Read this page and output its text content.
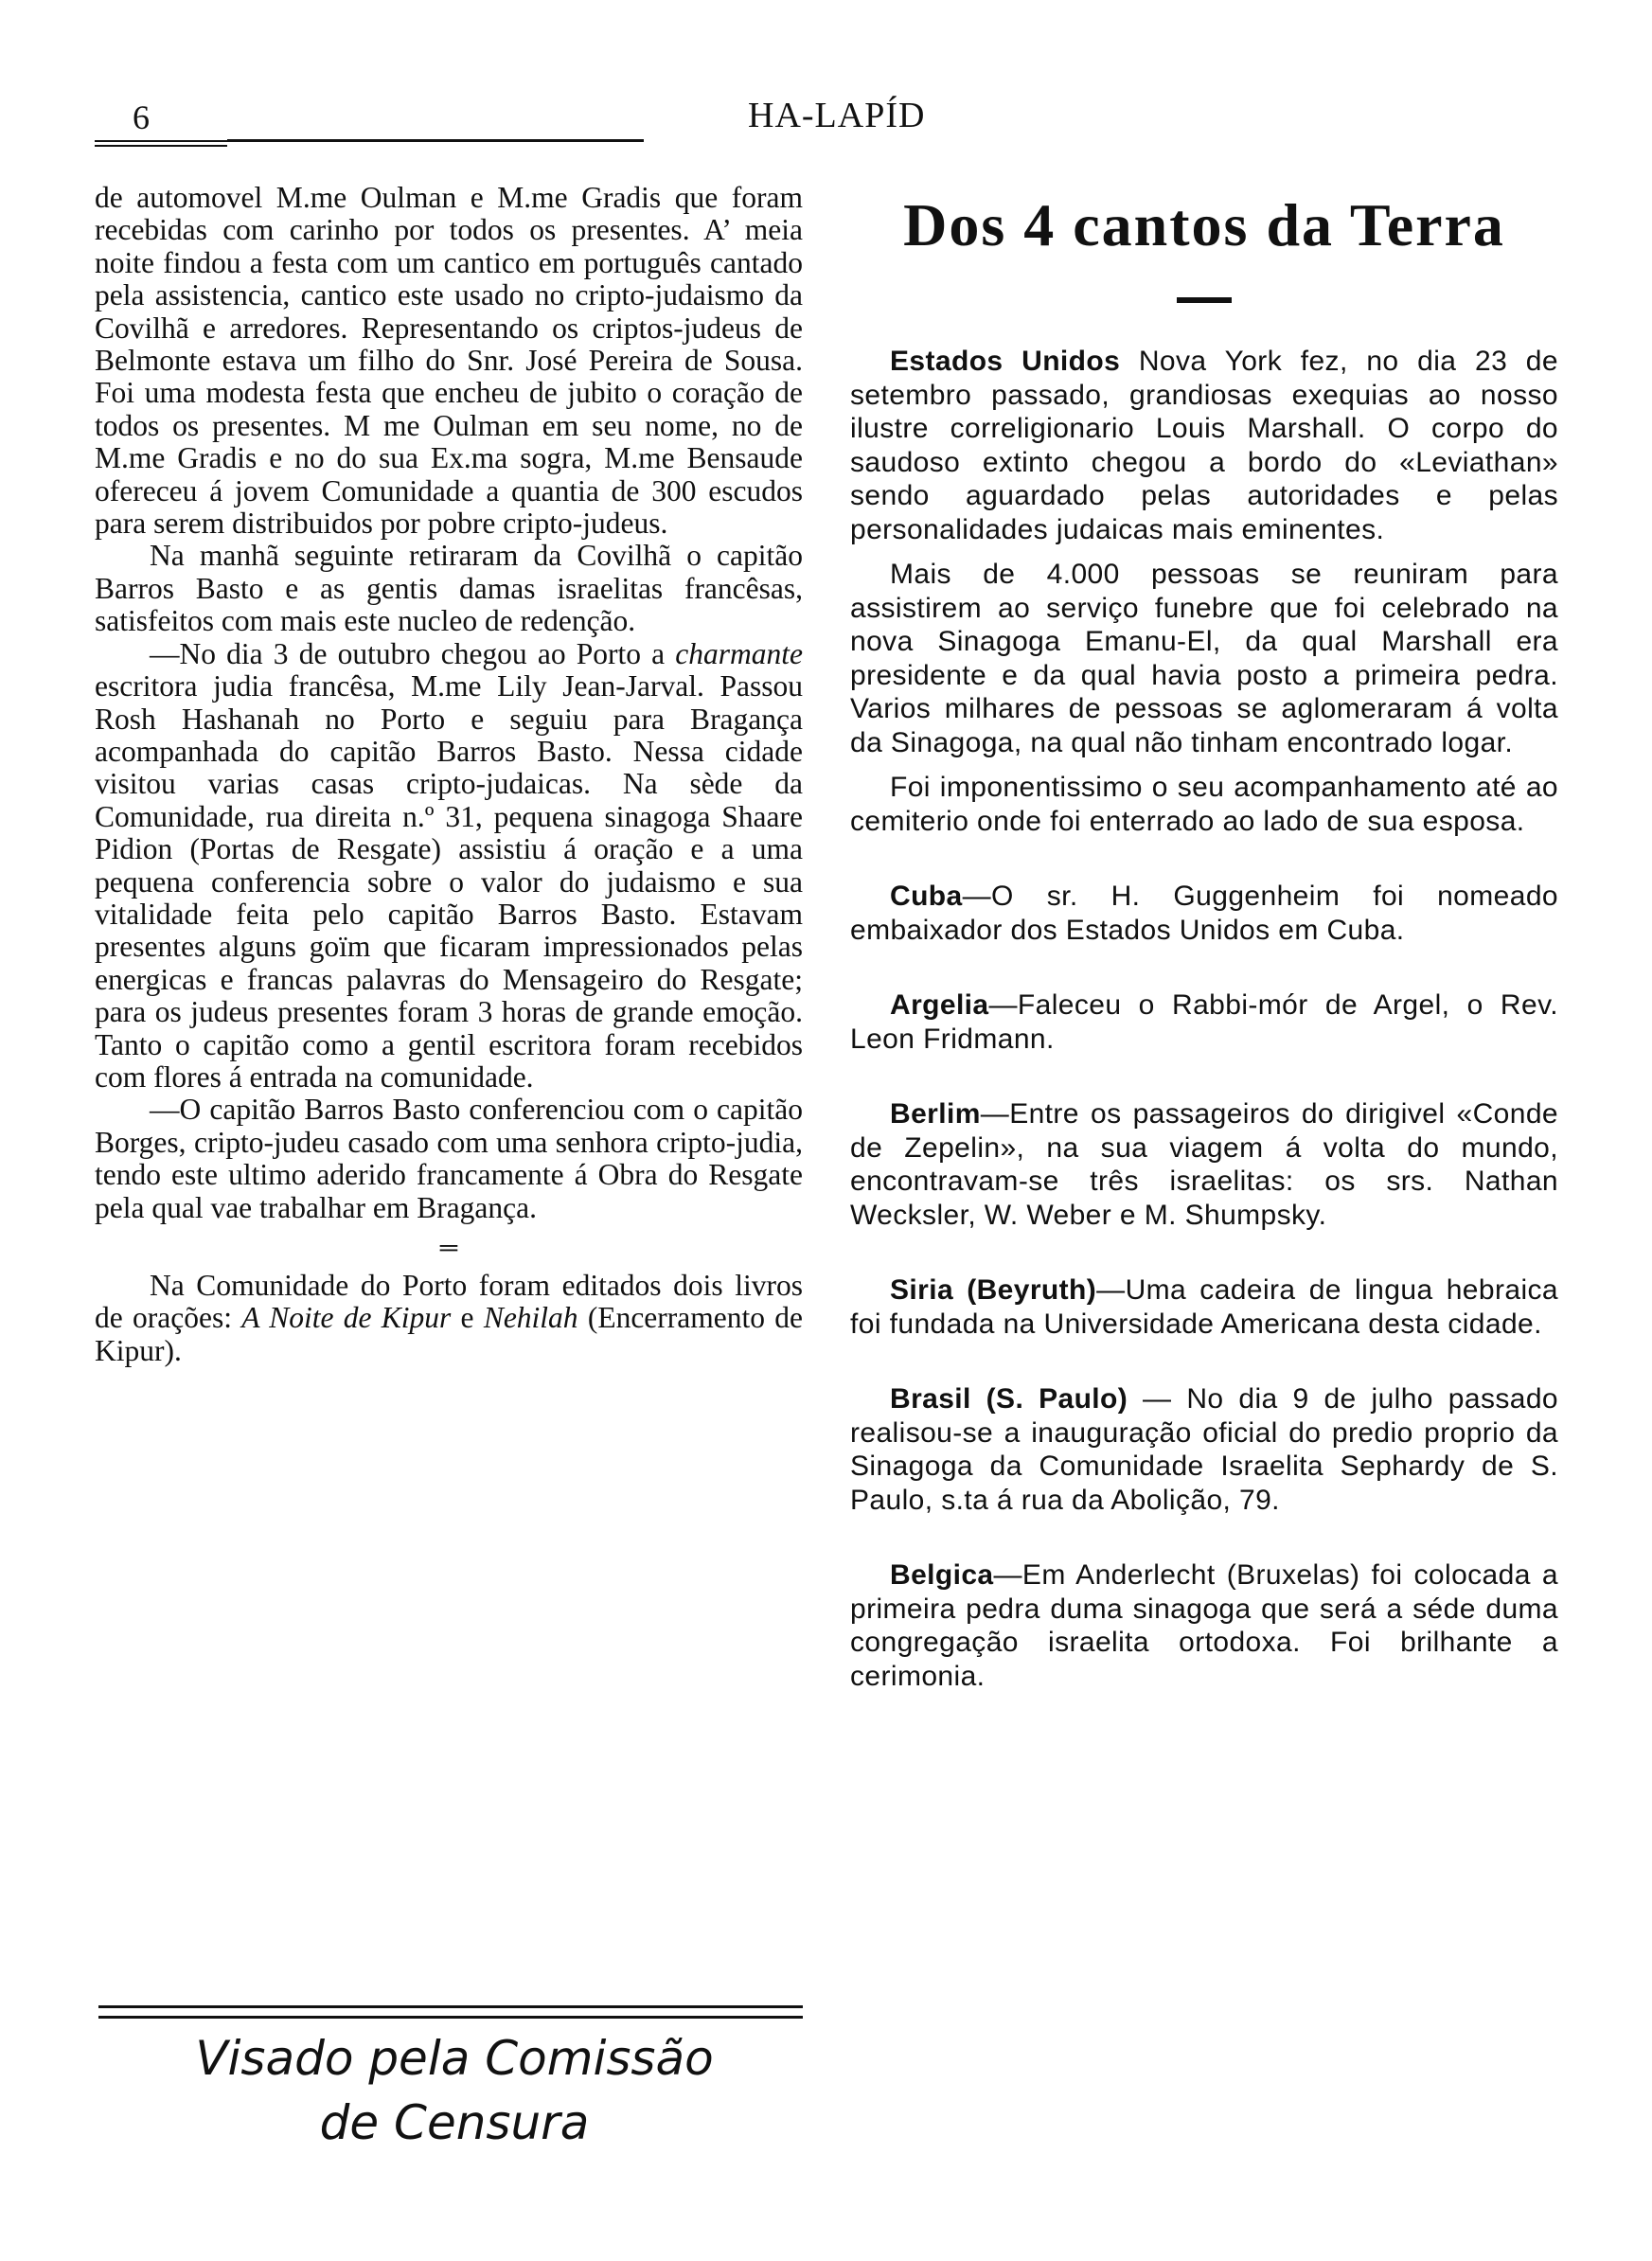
6	HA-LAPÍD

de automovel M.me Oulman e M.me Gradis que foram recebidas com carinho por todos os presentes. A’ meia noite findou a festa com um cantico em português cantado pela assistencia, cantico este usado no cripto-judaismo da Covilhã e arredores. Representando os criptos-judeus de Belmonte estava um filho do Snr. José Pereira de Sousa. Foi uma modesta festa que encheu de jubito o coração de todos os presentes. M me Oulman em seu nome, no de M.me Gradis e no do sua Ex.ma sogra, M.me Bensaude ofereceu á jovem Comunidade a quantia de 300 escudos para serem distribuidos por pobre cripto-judeus.

Na manhã seguinte retiraram da Covilhã o capitão Barros Basto e as gentis damas israelitas francêsas, satisfeitos com mais este nucleo de redenção.

—No dia 3 de outubro chegou ao Porto a charmante escritora judia francêsa, M.me Lily Jean-Jarval. Passou Rosh Hashanah no Porto e seguiu para Bragança acompanhada do capitão Barros Basto. Nessa cidade visitou varias casas cripto-judaicas. Na sède da Comunidade, rua direita n.º 31, pequena sinagoga Shaare Pidion (Portas de Resgate) assistiu á oração e a uma pequena conferencia sobre o valor do judaismo e sua vitalidade feita pelo capitão Barros Basto. Estavam presentes alguns goïm que ficaram impressionados pelas energicas e francas palavras do Mensageiro do Resgate; para os judeus presentes foram 3 horas de grande emoção. Tanto o capitão como a gentil escritora foram recebidos com flores á entrada na comunidade.

—O capitão Barros Basto conferenciou com o capitão Borges, cripto-judeu casado com uma senhora cripto-judia, tendo este ultimo aderido francamente á Obra do Resgate pela qual vae trabalhar em Bragança.

═

Na Comunidade do Porto foram editados dois livros de orações: A Noite de Kipur e Nehilah (Encerramento de Kipur).

Visado pela Comissão
de Censura
Dos 4 cantos da Terra

Estados Unidos Nova York fez, no dia 23 de setembro passado, grandiosas exequias ao nosso ilustre correligionario Louis Marshall. O corpo do saudoso extinto chegou a bordo do «Leviathan» sendo aguardado pelas autoridades e pelas personalidades judaicas mais eminentes.

Mais de 4.000 pessoas se reuniram para assistirem ao serviço funebre que foi celebrado na nova Sinagoga Emanu-El, da qual Marshall era presidente e da qual havia posto a primeira pedra. Varios milhares de pessoas se aglomeraram á volta da Sinagoga, na qual não tinham encontrado logar.

Foi imponentissimo o seu acompanhamento até ao cemiterio onde foi enterrado ao lado de sua esposa.

Cuba—O sr. H. Guggenheim foi nomeado embaixador dos Estados Unidos em Cuba.

Argelia—Faleceu o Rabbi-mór de Argel, o Rev. Leon Fridmann.

Berlim—Entre os passageiros do dirigivel «Conde de Zepelin», na sua viagem á volta do mundo, encontravam-se três israelitas: os srs. Nathan Wecksler, W. Weber e M. Shumpsky.

Siria (Beyruth)—Uma cadeira de lingua hebraica foi fundada na Universidade Americana desta cidade.

Brasil (S. Paulo) — No dia 9 de julho passado realisou-se a inauguração oficial do predio proprio da Sinagoga da Comunidade Israelita Sephardy de S. Paulo, s.ta á rua da Abolição, 79.

Belgica—Em Anderlecht (Bruxelas) foi colocada a primeira pedra duma sinagoga que será a séde duma congregação israelita ortodoxa. Foi brilhante a cerimonia.
